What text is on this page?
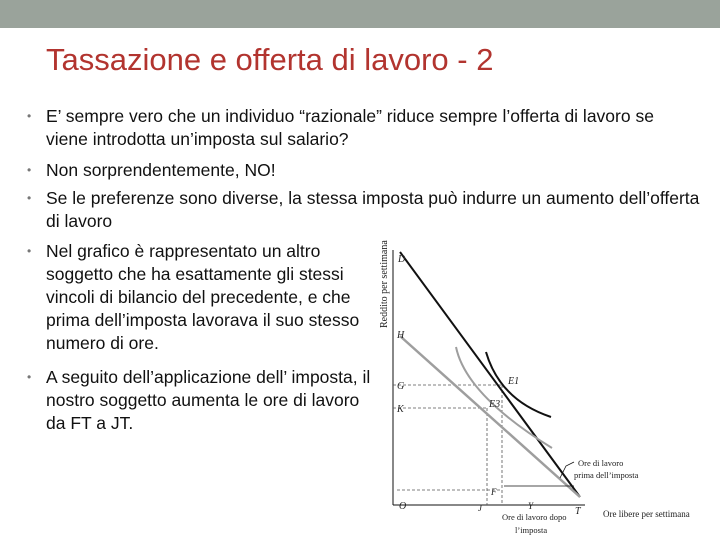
Tassazione e offerta di lavoro - 2
• E’ sempre vero che un individuo “razionale” riduce sempre l’offerta di lavoro se viene introdotta un’imposta sul salario?
• Non sorprendentemente, NO!
• Se le preferenze sono diverse, la stessa imposta può indurre un aumento dell’offerta di lavoro
• Nel grafico è rappresentato un altro soggetto che ha esattamente gli stessi vincoli di bilancio del precedente, e che prima dell’imposta lavorava il suo stesso numero di ore.
• A seguito dell’applicazione dell’ imposta, il nostro soggetto aumenta le ore di lavoro da FT a JT.
Reddito per settimana D
H
G
K
O
E1
E3
F
J	Y	T
Ore di lavoro prima dell’imposta
Ore di lavoro dopo l’imposta
Ore libere per settimana
